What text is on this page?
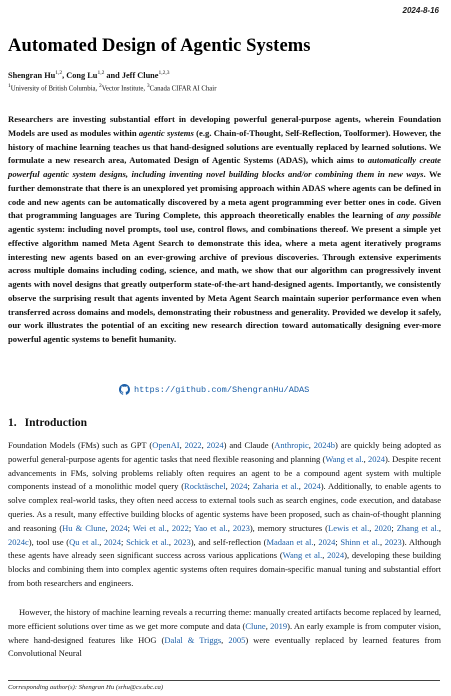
2024-8-16
Automated Design of Agentic Systems
Shengran Hu$^{1,2}$, Cong Lu$^{1,2}$ and Jeff Clune$^{1,2,3}$
$^1$University of British Columbia, $^2$Vector Institute, $^3$Canada CIFAR AI Chair

Researchers are investing substantial effort in developing powerful general-purpose agents, wherein Foundation Models are used as modules within agentic systems (e.g. Chain-of-Thought, Self-Reflection, Toolformer). However, the history of machine learning teaches us that hand-designed solutions are eventually replaced by learned solutions. We formulate a new research area, Automated Design of Agentic Systems (ADAS), which aims to automatically create powerful agentic system designs, including inventing novel building blocks and/or combining them in new ways. We further demonstrate that there is an unexplored yet promising approach within ADAS where agents can be defined in code and new agents can be automatically discovered by a meta agent programming ever better ones in code. Given that programming languages are Turing Complete, this approach theoretically enables the learning of any possible agentic system: including novel prompts, tool use, control flows, and combinations thereof. We present a simple yet effective algorithm named Meta Agent Search to demonstrate this idea, where a meta agent iteratively programs interesting new agents based on an ever-growing archive of previous discoveries. Through extensive experiments across multiple domains including coding, science, and math, we show that our algorithm can progressively invent agents with novel designs that greatly outperform state-of-the-art hand-designed agents. Importantly, we consistently observe the surprising result that agents invented by Meta Agent Search maintain superior performance even when transferred across domains and models, demonstrating their robustness and generality. Provided we develop it safely, our work illustrates the potential of an exciting new research direction toward automatically designing ever-more powerful agentic systems to benefit humanity.

https://github.com/ShengranHu/ADAS
1. Introduction

Foundation Models (FMs) such as GPT (OpenAI, 2022, 2024) and Claude (Anthropic, 2024b) are quickly being adopted as powerful general-purpose agents for agentic tasks that need flexible reasoning and planning (Wang et al., 2024). Despite recent advancements in FMs, solving problems reliably often requires an agent to be a compound agent system with multiple components instead of a monolithic model query (Rocktäschel, 2024; Zaharia et al., 2024). Additionally, to enable agents to solve complex real-world tasks, they often need access to external tools such as search engines, code execution, and database queries. As a result, many effective building blocks of agentic systems have been proposed, such as chain-of-thought planning and reasoning (Hu & Clune, 2024; Wei et al., 2022; Yao et al., 2023), memory structures (Lewis et al., 2020; Zhang et al., 2024c), tool use (Qu et al., 2024; Schick et al., 2023), and self-reflection (Madaan et al., 2024; Shinn et al., 2023). Although these agents have already seen significant success across various applications (Wang et al., 2024), developing these building blocks and combining them into complex agentic systems often requires domain-specific manual tuning and substantial effort from both researchers and engineers.

However, the history of machine learning reveals a recurring theme: manually created artifacts become replaced by learned, more efficient solutions over time as we get more compute and data (Clune, 2019). An early example is from computer vision, where hand-designed features like HOG (Dalal & Triggs, 2005) were eventually replaced by learned features from Convolutional Neural

Corresponding author(s): Shengran Hu (srhu@cs.ubc.ca)
